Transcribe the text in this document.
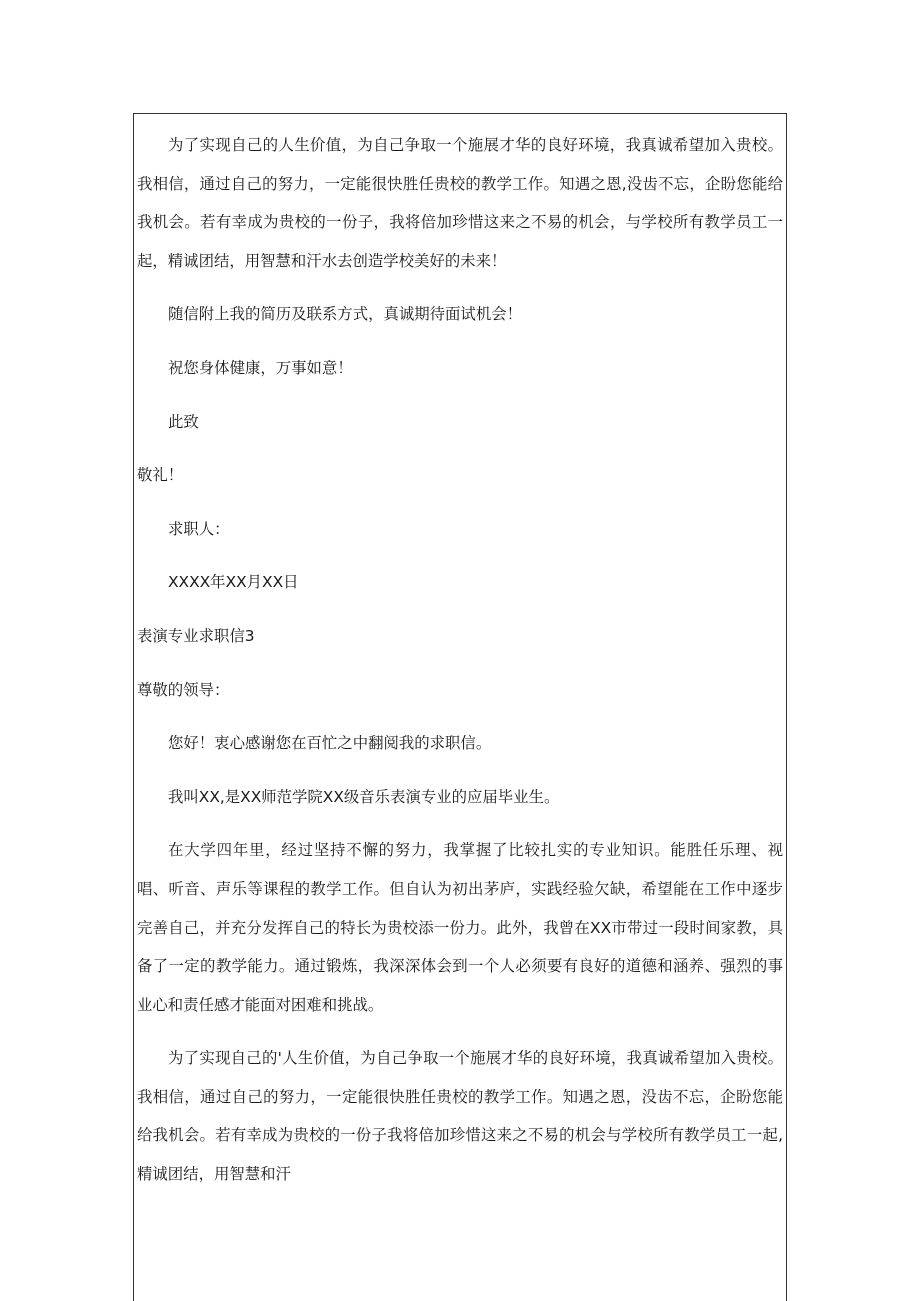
为了实现自己的人生价值，为自己争取一个施展才华的良好环境，我真诚希望加入贵校。我相信，通过自己的努力，一定能很快胜任贵校的教学工作。知遇之恩,没齿不忘，企盼您能给我机会。若有幸成为贵校的一份子，我将倍加珍惜这来之不易的机会，与学校所有教学员工一起，精诚团结，用智慧和汗水去创造学校美好的未来！

随信附上我的简历及联系方式，真诚期待面试机会！

祝您身体健康，万事如意！

此致

敬礼！

求职人：

XXXX年XX月XX日

表演专业求职信3

尊敬的领导：

您好！衷心感谢您在百忙之中翻阅我的求职信。

我叫XX,是XX师范学院XX级音乐表演专业的应届毕业生。

在大学四年里，经过坚持不懈的努力，我掌握了比较扎实的专业知识。能胜任乐理、视唱、听音、声乐等课程的教学工作。但自认为初出茅庐，实践经验欠缺，希望能在工作中逐步完善自己，并充分发挥自己的特长为贵校添一份力。此外，我曾在XX市带过一段时间家教，具备了一定的教学能力。通过锻炼，我深深体会到一个人必须要有良好的道德和涵养、强烈的事业心和责任感才能面对困难和挑战。

为了实现自己的'人生价值，为自己争取一个施展才华的良好环境，我真诚希望加入贵校。我相信，通过自己的努力，一定能很快胜任贵校的教学工作。知遇之恩，没齿不忘，企盼您能给我机会。若有幸成为贵校的一份子我将倍加珍惜这来之不易的机会与学校所有教学员工一起,精诚团结，用智慧和汗
